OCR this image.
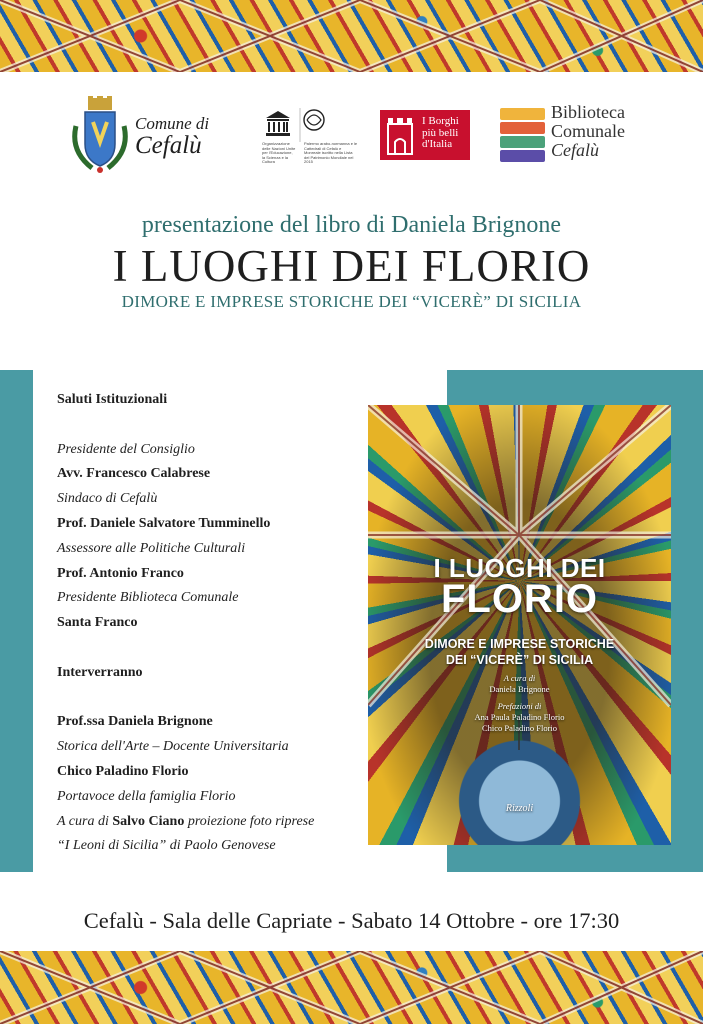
Comune di
Cefalù	Organizzazione delle Nazioni Unite per l'Educazione, la Scienza e la Cultura
Palermo arabo-normanna e le Cattedrali di Cefalù e Monreale iscritto nella Lista del Patrimonio Mondiale nel 2015
I Borghi più belli d'Italia
Biblioteca
Comunale
Cefalù
presentazione del libro di Daniela Brignone
I LUOGHI DEI FLORIO
DIMORE E IMPRESE STORICHE DEI “VICERÈ” DI SICILIA
Saluti Istituzionali
Presidente del Consiglio
Avv. Francesco Calabrese
Sindaco di Cefalù
Prof. Daniele Salvatore Tumminello
Assessore alle Politiche Culturali
Prof. Antonio Franco
Presidente Biblioteca Comunale
Santa Franco
Interverranno
Prof.ssa Daniela Brignone
Storica dell'Arte – Docente Universitaria
Chico Paladino Florio
Portavoce della famiglia Florio
A cura di Salvo Ciano proiezione foto riprese
“I Leoni di Sicilia” di Paolo Genovese
I LUOGHI DEI
FLORIO
DIMORE E IMPRESE STORICHE
DEI “VICERÈ” DI SICILIA
A cura di
Daniela Brignone
Prefazioni di
Ana Paula Paladino Florio
Chico Paladino Florio
Rizzoli
Cefalù - Sala delle Capriate - Sabato 14 Ottobre - ore 17:30
